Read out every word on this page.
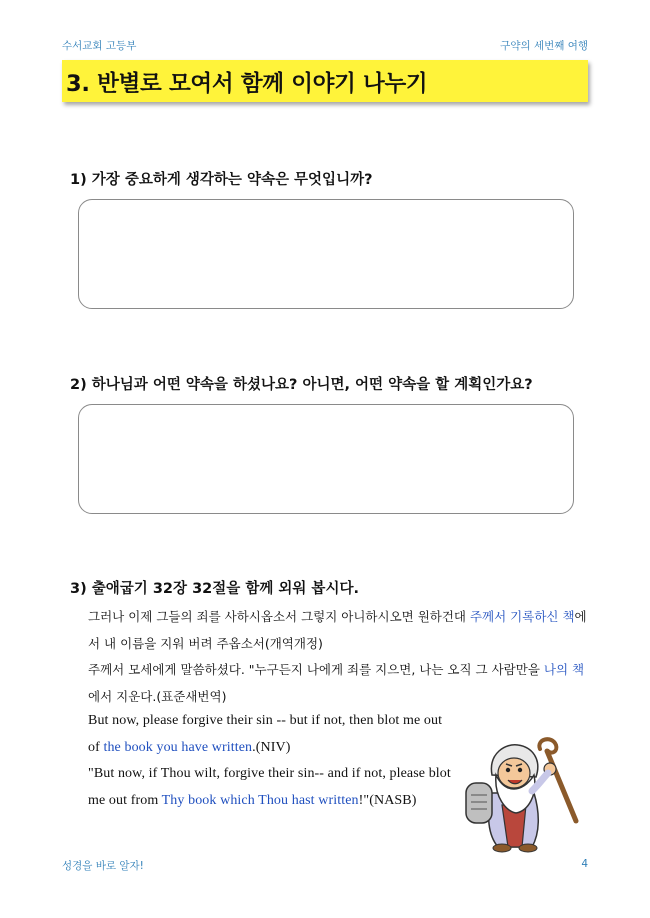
수서교회 고등부	구약의 세번째 여행
3. 반별로 모여서 함께 이야기 나누기
1) 가장 중요하게 생각하는 약속은 무엇입니까?
2) 하나님과 어떤 약속을 하셨나요? 아니면, 어떤 약속을 할 계획인가요?
3) 출애굽기 32장 32절을 함께 외워 봅시다.

그러나 이제 그들의 죄를 사하시옵소서 그렇지 아니하시오면 원하건대 주께서 기록하신 책에서 내 이름을 지워 버려 주옵소서(개역개정)

주께서 모세에게 말씀하셨다. "누구든지 나에게 죄를 지으면, 나는 오직 그 사람만을 나의 책에서 지운다.(표준새번역)

But now, please forgive their sin -- but if not, then blot me out of the book you have written.(NIV)

"But now, if Thou wilt, forgive their sin-- and if not, please blot me out from Thy book which Thou hast written!"(NASB)

성경을 바로 알자!	4
